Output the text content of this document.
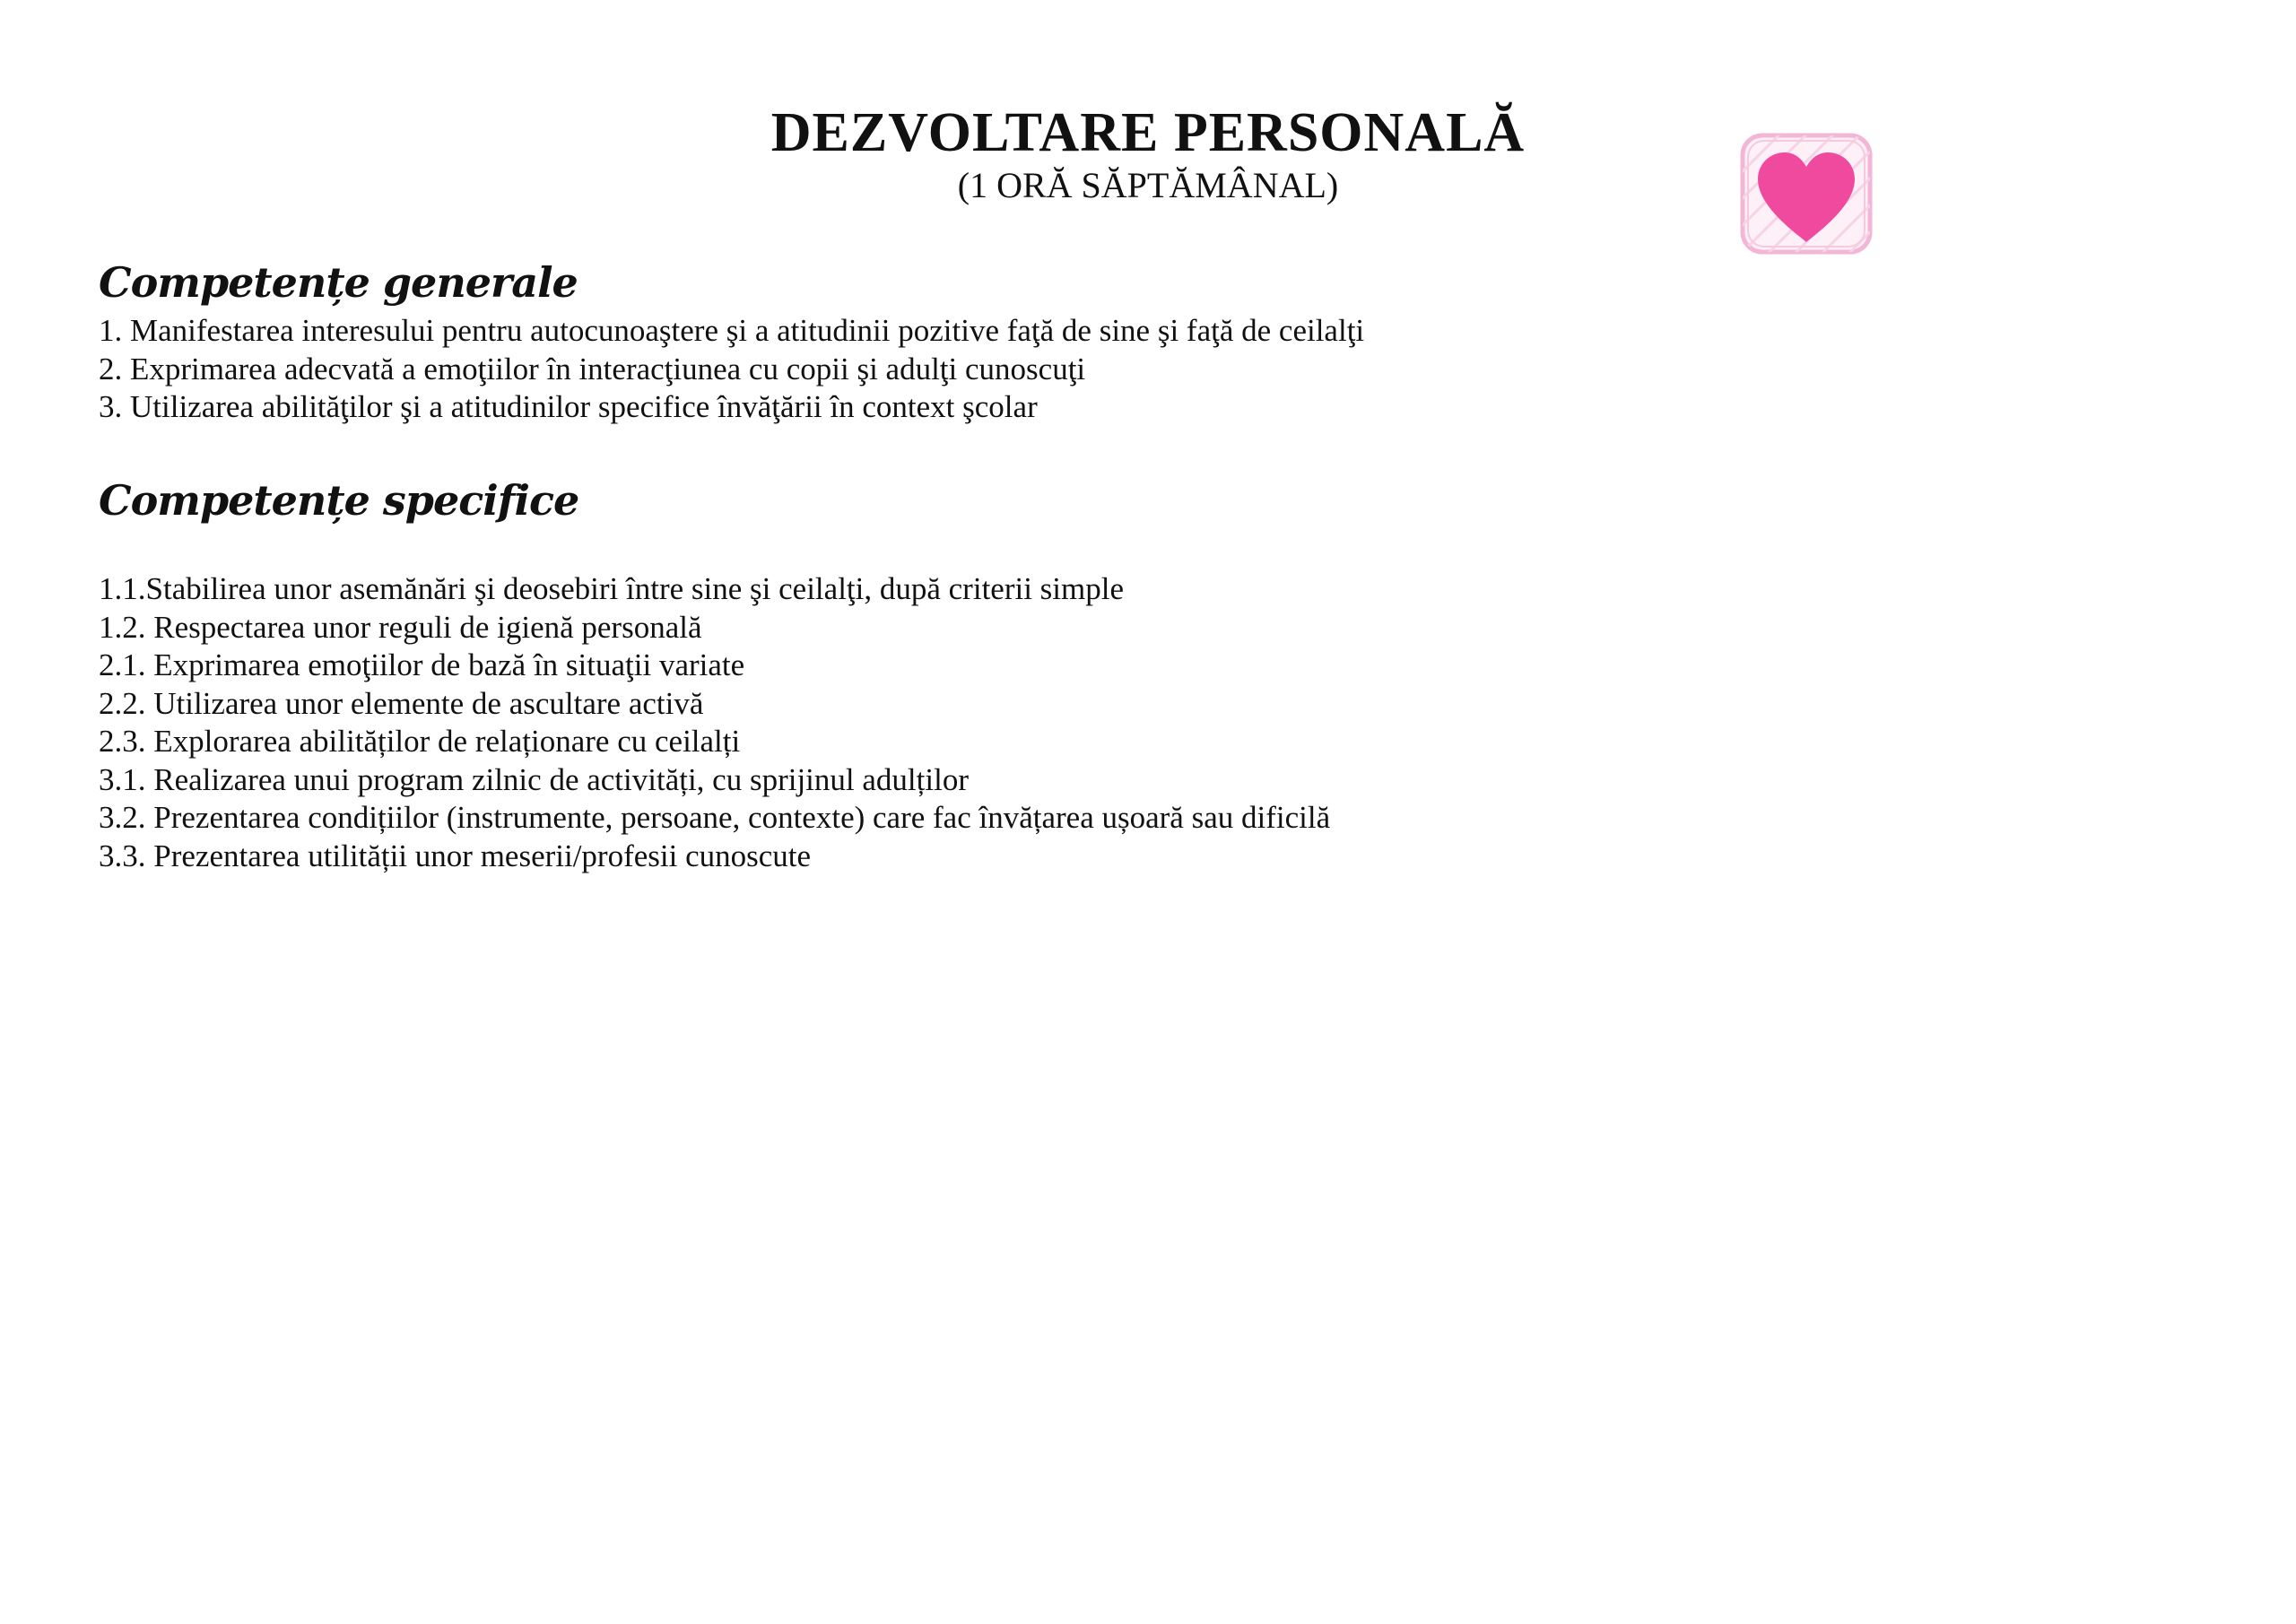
DEZVOLTARE PERSONALĂ
(1 ORĂ SĂPTĂMÂNAL)
Competențe generale
1. Manifestarea interesului pentru autocunoaştere şi a atitudinii pozitive faţă de sine şi faţă de ceilalţi
2. Exprimarea adecvată a emoţiilor în interacţiunea cu copii şi adulţi cunoscuţi
3. Utilizarea abilităţilor şi a atitudinilor specifice învăţării în context şcolar
Competențe specifice
1.1.Stabilirea unor asemănări şi deosebiri între sine şi ceilalţi, după criterii simple
1.2. Respectarea unor reguli de igienă personală
2.1. Exprimarea emoţiilor de bază în situaţii variate
2.2. Utilizarea unor elemente de ascultare activă
2.3. Explorarea abilităților de relaționare cu ceilalți
3.1. Realizarea unui program zilnic de activități, cu sprijinul adulților
3.2. Prezentarea condițiilor (instrumente, persoane, contexte) care fac învățarea ușoară sau dificilă
3.3. Prezentarea utilității unor meserii/profesii cunoscute
